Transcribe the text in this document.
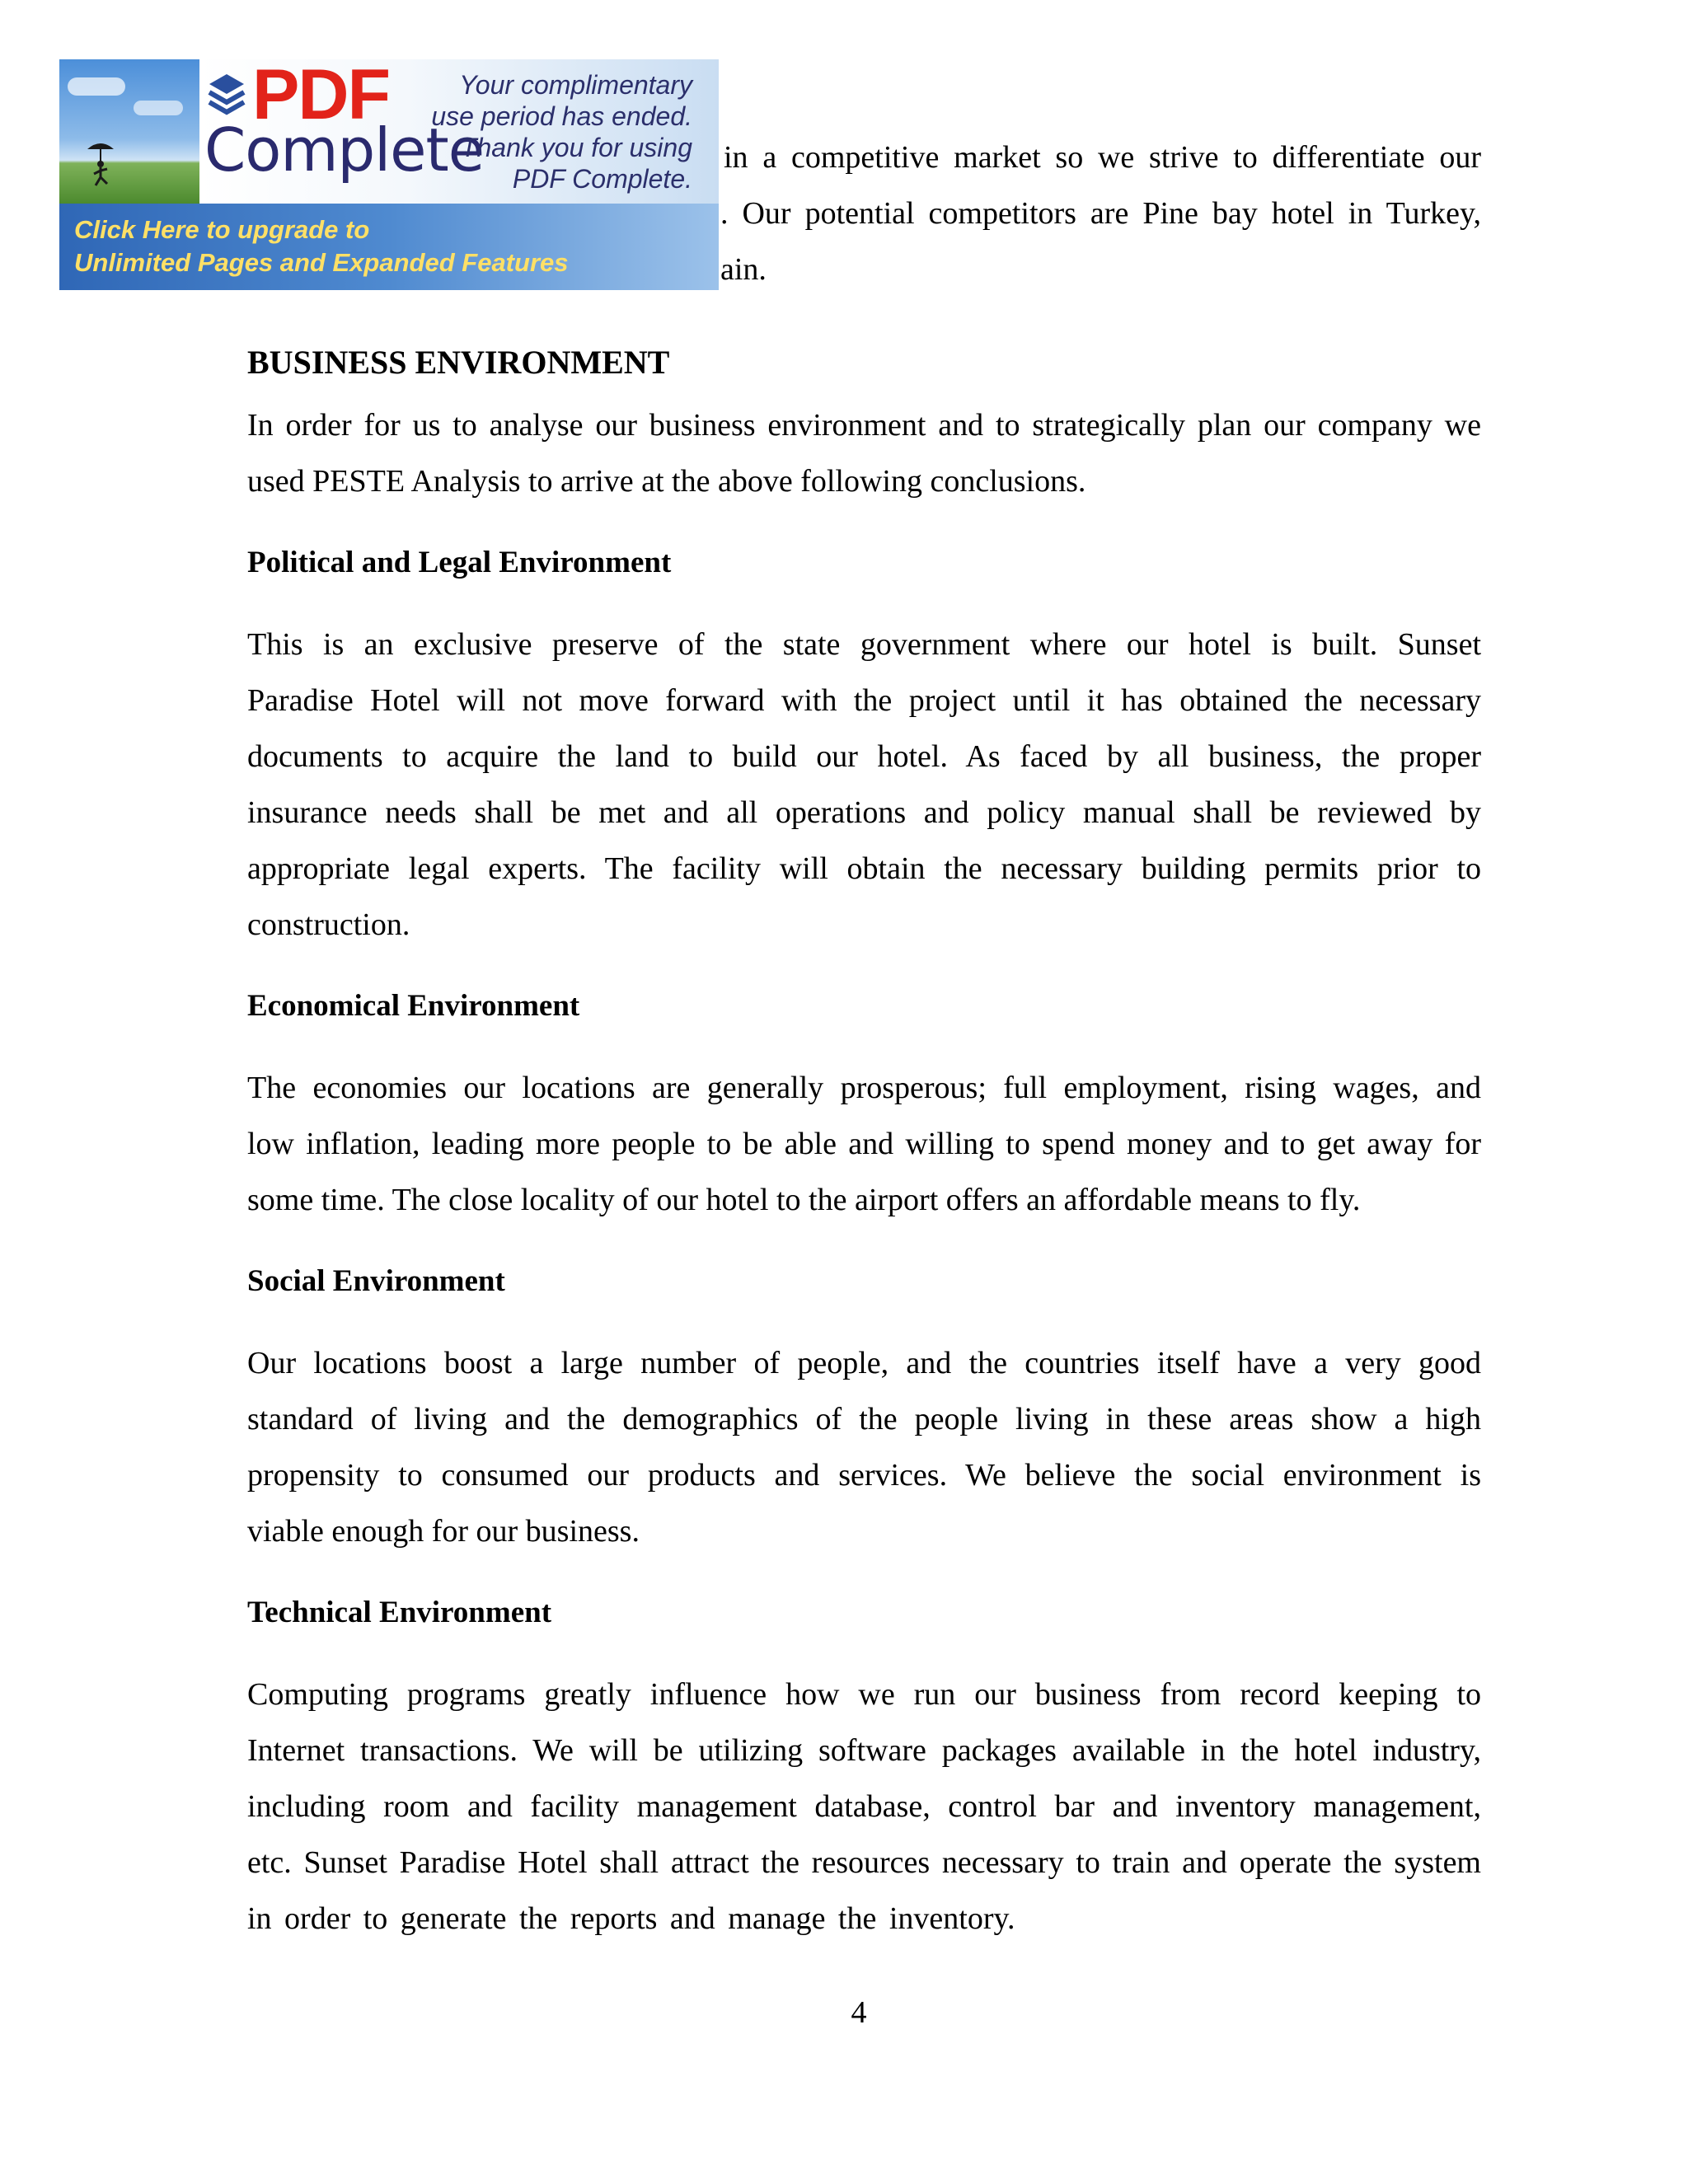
PDF
Complete
Your complimentary
use period has ended.
Thank you for using
PDF Complete.
Click Here to upgrade to
Unlimited Pages and Expanded Features
in a competitive market so we strive to differentiate our
. Our potential competitors are Pine bay hotel in Turkey,
ain.
BUSINESS ENVIRONMENT
In order for us to analyse our business environment and to strategically plan our company we
used PESTE Analysis to arrive at the above following conclusions.
Political and Legal Environment
This is an exclusive preserve of the state government where our hotel is built. Sunset
Paradise Hotel will not move forward with the project until it has obtained the necessary
documents to acquire the land to build our hotel. As faced by all business, the proper
insurance needs shall be met and all operations and policy manual shall be reviewed by
appropriate legal experts. The facility will obtain the necessary building permits prior to
construction.
Economical Environment
The economies our locations are generally prosperous; full employment, rising wages, and
low inflation, leading more people to be able and willing to spend money and to get away for
some time. The close locality of our hotel to the airport offers an affordable means to fly.
Social Environment
Our locations boost a large number of people, and the countries itself have a very good
standard of living and the demographics of the people living in these areas show a high
propensity to consumed our products and services. We believe the social environment is
viable enough for our business.
Technical Environment
Computing programs greatly influence how we run our business from record keeping to
Internet transactions. We will be utilizing software packages available in the hotel industry,
including room and facility management database, control bar and inventory management,
etc. Sunset Paradise Hotel shall attract the resources necessary to train and operate the system
in order to generate the reports and manage the inventory.
4
